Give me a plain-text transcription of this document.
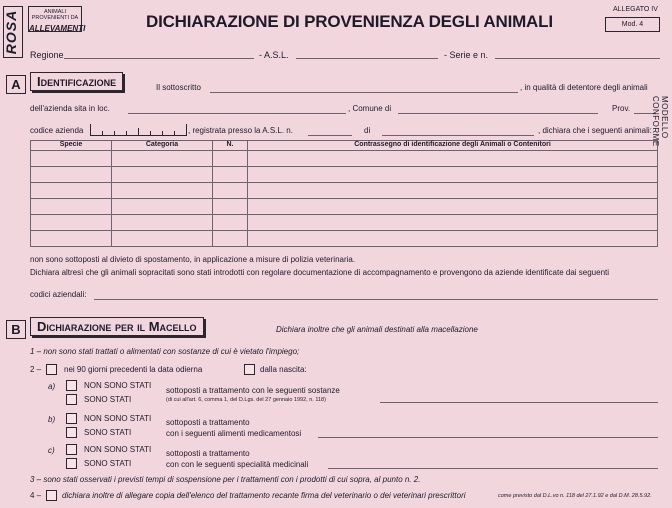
ROSA	ANIMALI PROVENIENTI DA
ALLEVAMENTI	DICHIARAZIONE DI PROVENIENZA DEGLI ANIMALI
ALLEGATO IV
Mod. 4
Regione	- A.S.L.	- Serie e n.
A	Identificazione	Il sottoscritto	, in qualità di detentore degli animali
dell'azienda sita in loc.	, Comune di	Prov.
codice azienda	, registrata presso la A.S.L. n.	di	, dichiara che i seguenti animali:
Specie	Categoria	N.	Contrassegno di identificazione degli Animali o Contenitori

non sono sottoposti al divieto di spostamento, in applicazione a misure di polizia veterinaria.
Dichiara altresì che gli animali sopracitati sono stati introdotti con regolare documentazione di accompagnamento e provengono da aziende identificate dai seguenti
codici aziendali:
MODELLO CONFORME
B	Dichiarazione per il Macello	Dichiara inoltre che gli animali destinati alla macellazione
1 – non sono stati trattati o alimentati con sostanze di cui è vietato l'impiego;
2 –	nei 90 giorni precedenti la data odierna	dalla nascita:
a)	NON SONO STATI
SONO STATI
sottoposti a trattamento con le seguenti sostanze
(di cui all'art. 6, comma 1, del D.Lgs. del 27 gennaio 1992, n. 118)
b)	NON SONO STATI
SONO STATI
sottoposti a trattamento
con i seguenti alimenti medicamentosi
c)	NON SONO STATI
SONO STATI
sottoposti a trattamento
con con le seguenti specialità medicinali
3 – sono stati osservati i previsti tempi di sospensione per i trattamenti con i prodotti di cui sopra, al punto n. 2.
4 –	dichiara inoltre di allegare copia dell'elenco del trattamento recante firma del veterinario o dei veterinari prescrittori	come previsto dal D.L.vo n. 118 del 27.1.92 e dal D.M. 28.5.92.
